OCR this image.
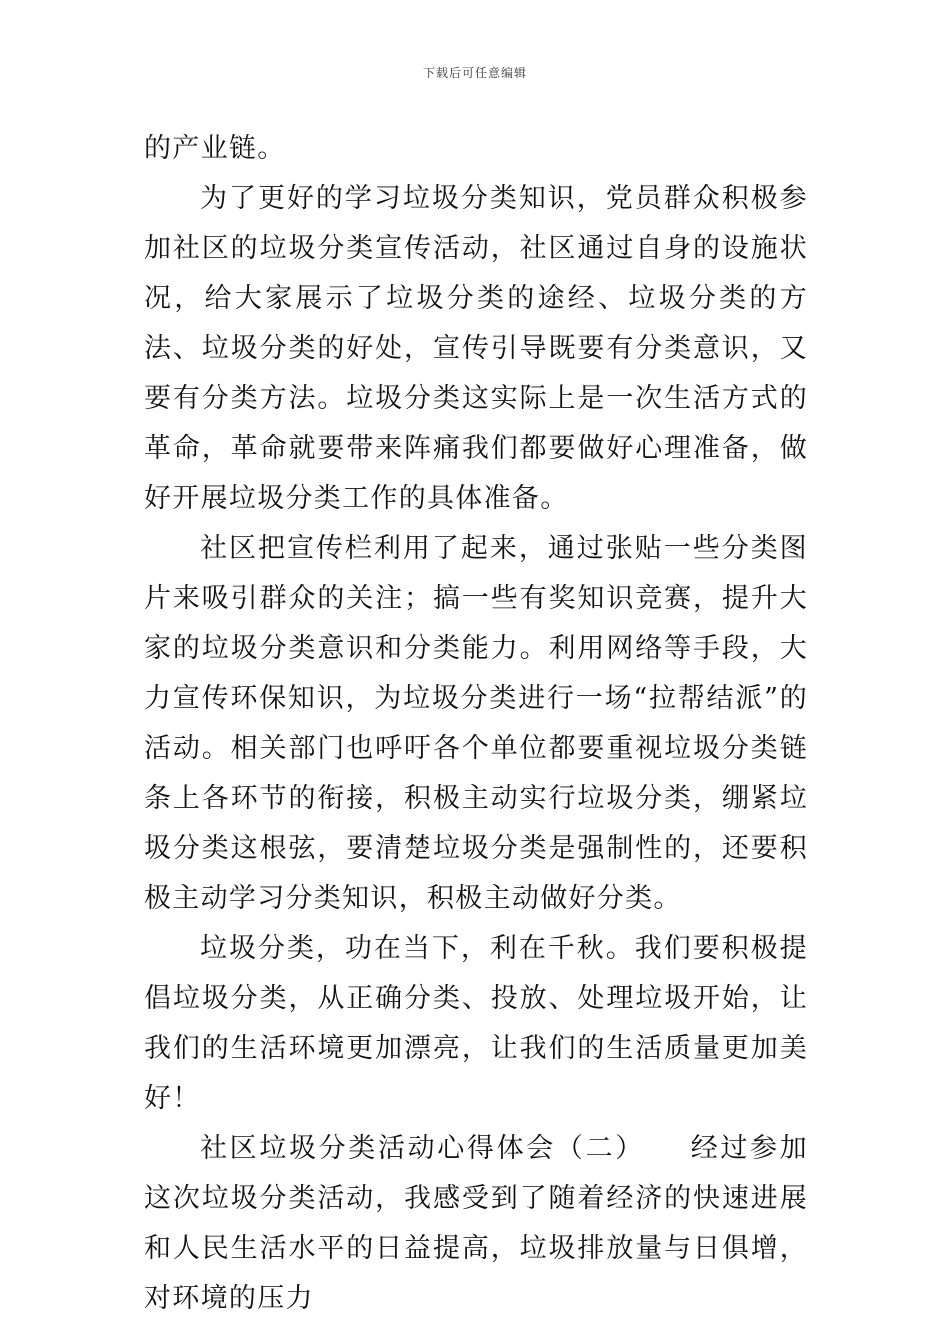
下载后可任意编辑

的产业链。

为了更好的学习垃圾分类知识，党员群众积极参加社区的垃圾分类宣传活动，社区通过自身的设施状况，给大家展示了垃圾分类的途经、垃圾分类的方法、垃圾分类的好处，宣传引导既要有分类意识，又要有分类方法。垃圾分类这实际上是一次生活方式的革命，革命就要带来阵痛我们都要做好心理准备，做好开展垃圾分类工作的具体准备。

社区把宣传栏利用了起来，通过张贴一些分类图片来吸引群众的关注；搞一些有奖知识竞赛，提升大家的垃圾分类意识和分类能力。利用网络等手段，大力宣传环保知识，为垃圾分类进行一场“拉帮结派”的活动。相关部门也呼吁各个单位都要重视垃圾分类链条上各环节的衔接，积极主动实行垃圾分类，绷紧垃圾分类这根弦，要清楚垃圾分类是强制性的，还要积极主动学习分类知识，积极主动做好分类。

垃圾分类，功在当下，利在千秋。我们要积极提倡垃圾分类，从正确分类、投放、处理垃圾开始，让我们的生活环境更加漂亮，让我们的生活质量更加美好！

社区垃圾分类活动心得体会（二）　　经过参加这次垃圾分类活动，我感受到了随着经济的快速进展和人民生活水平的日益提高，垃圾排放量与日俱增，对环境的压力
